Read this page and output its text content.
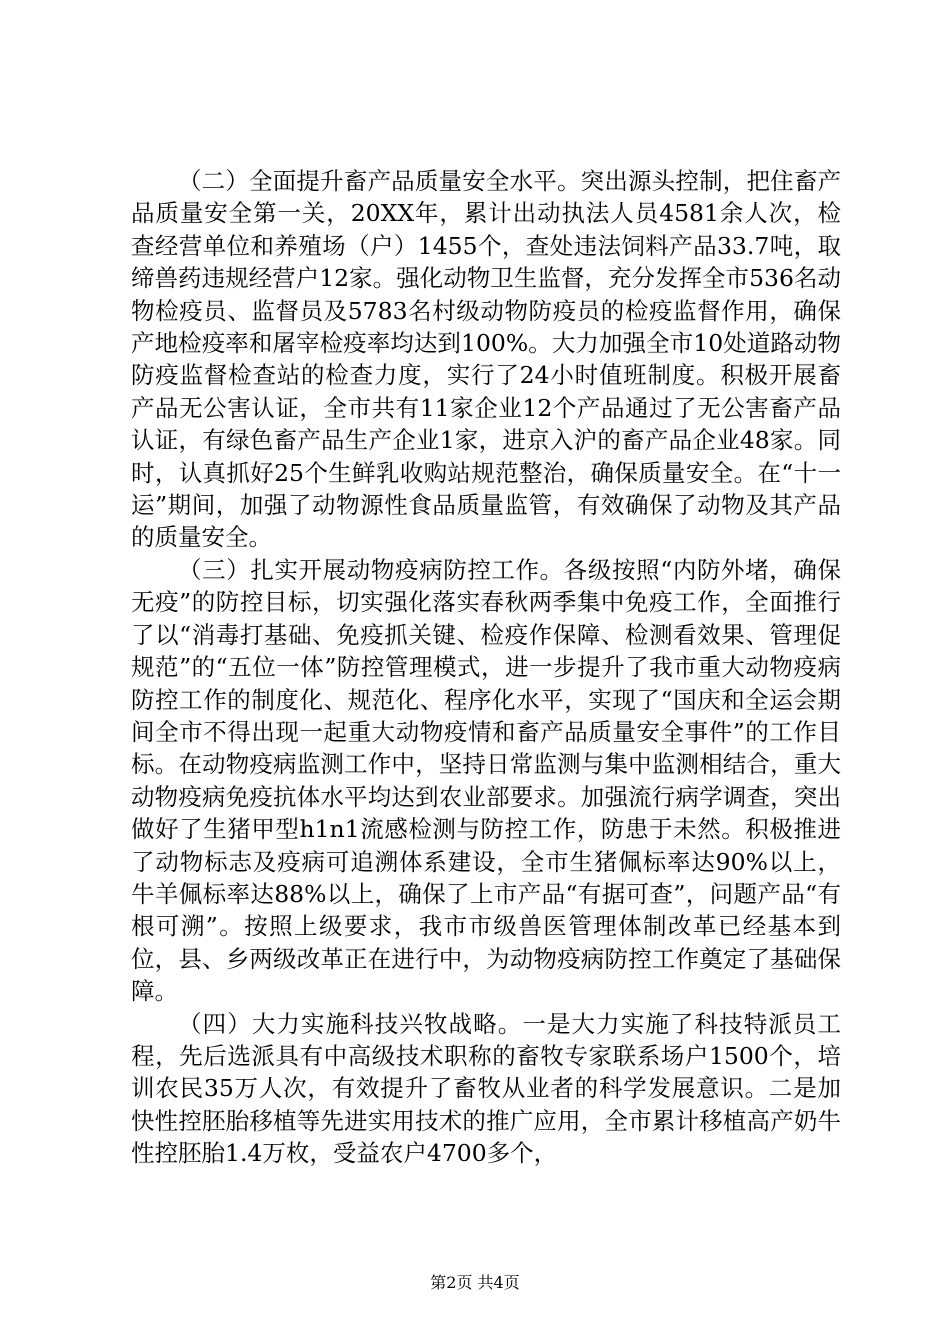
（二）全面提升畜产品质量安全水平。突出源头控制，把住畜产品质量安全第一关，20XX年，累计出动执法人员4581余人次，检查经营单位和养殖场（户）1455个，查处违法饲料产品33.7吨，取缔兽药违规经营户12家。强化动物卫生监督，充分发挥全市536名动物检疫员、监督员及5783名村级动物防疫员的检疫监督作用，确保产地检疫率和屠宰检疫率均达到100%。大力加强全市10处道路动物防疫监督检查站的检查力度，实行了24小时值班制度。积极开展畜产品无公害认证，全市共有11家企业12个产品通过了无公害畜产品认证，有绿色畜产品生产企业1家，进京入沪的畜产品企业48家。同时，认真抓好25个生鲜乳收购站规范整治，确保质量安全。在“十一运”期间，加强了动物源性食品质量监管，有效确保了动物及其产品的质量安全。

（三）扎实开展动物疫病防控工作。各级按照“内防外堵，确保无疫”的防控目标，切实强化落实春秋两季集中免疫工作，全面推行了以“消毒打基础、免疫抓关键、检疫作保障、检测看效果、管理促规范”的“五位一体”防控管理模式，进一步提升了我市重大动物疫病防控工作的制度化、规范化、程序化水平，实现了“国庆和全运会期间全市不得出现一起重大动物疫情和畜产品质量安全事件”的工作目标。在动物疫病监测工作中，坚持日常监测与集中监测相结合，重大动物疫病免疫抗体水平均达到农业部要求。加强流行病学调查，突出做好了生猪甲型h1n1流感检测与防控工作，防患于未然。积极推进了动物标志及疫病可追溯体系建设，全市生猪佩标率达90%以上，牛羊佩标率达88%以上，确保了上市产品“有据可查”，问题产品“有根可溯”。按照上级要求，我市市级兽医管理体制改革已经基本到位，县、乡两级改革正在进行中，为动物疫病防控工作奠定了基础保障。

（四）大力实施科技兴牧战略。一是大力实施了科技特派员工程，先后选派具有中高级技术职称的畜牧专家联系场户1500个，培训农民35万人次，有效提升了畜牧从业者的科学发展意识。二是加快性控胚胎移植等先进实用技术的推广应用，全市累计移植高产奶牛性控胚胎1.4万枚，受益农户4700多个，

第2页 共4页
